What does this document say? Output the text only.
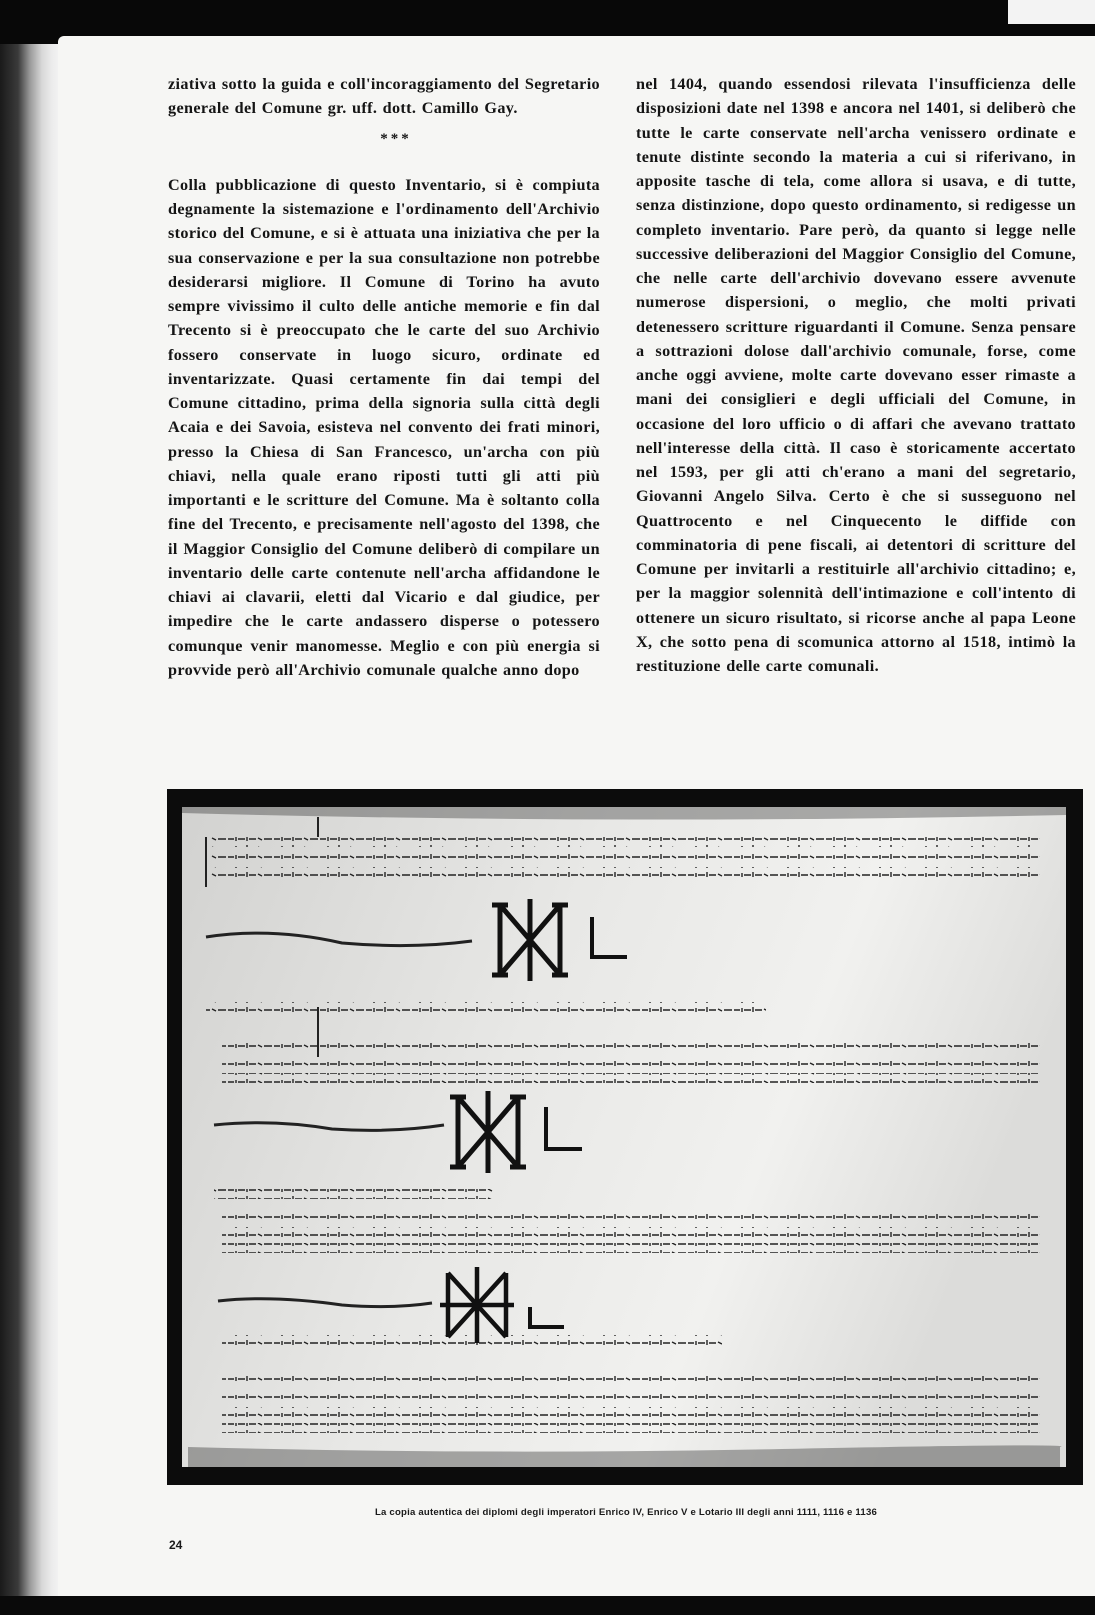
ziativa sotto la guida e coll'incoraggiamento del Segretario generale del Comune gr. uff. dott. Camillo Gay.

***

Colla pubblicazione di questo Inventario, si è compiuta degnamente la sistemazione e l'ordinamento dell'Archivio storico del Comune, e si è attuata una iniziativa che per la sua conservazione e per la sua consultazione non potrebbe desiderarsi migliore. Il Comune di Torino ha avuto sempre vivissimo il culto delle antiche memorie e fin dal Trecento si è preoccupato che le carte del suo Archivio fossero conservate in luogo sicuro, ordinate ed inventarizzate. Quasi certamente fin dai tempi del Comune cittadino, prima della signoria sulla città degli Acaia e dei Savoia, esisteva nel convento dei frati minori, presso la Chiesa di San Francesco, un'archa con più chiavi, nella quale erano riposti tutti gli atti più importanti e le scritture del Comune. Ma è soltanto colla fine del Trecento, e precisamente nell'agosto del 1398, che il Maggior Consiglio del Comune deliberò di compilare un inventario delle carte contenute nell'archa affidandone le chiavi ai clavarii, eletti dal Vicario e dal giudice, per impedire che le carte andassero disperse o potessero comunque venir manomesse. Meglio e con più energia si provvide però all'Archivio comunale qualche anno dopo

nel 1404, quando essendosi rilevata l'insufficienza delle disposizioni date nel 1398 e ancora nel 1401, si deliberò che tutte le carte conservate nell'archa venissero ordinate e tenute distinte secondo la materia a cui si riferivano, in apposite tasche di tela, come allora si usava, e di tutte, senza distinzione, dopo questo ordinamento, si redigesse un completo inventario. Pare però, da quanto si legge nelle successive deliberazioni del Maggior Consiglio del Comune, che nelle carte dell'archivio dovevano essere avvenute numerose dispersioni, o meglio, che molti privati detenessero scritture riguardanti il Comune. Senza pensare a sottrazioni dolose dall'archivio comunale, forse, come anche oggi avviene, molte carte dovevano esser rimaste a mani dei consiglieri e degli ufficiali del Comune, in occasione del loro ufficio o di affari che avevano trattato nell'interesse della città. Il caso è storicamente accertato nel 1593, per gli atti ch'erano a mani del segretario, Giovanni Angelo Silva. Certo è che si susseguono nel Quattrocento e nel Cinquecento le diffide con comminatoria di pene fiscali, ai detentori di scritture del Comune per invitarli a restituirle all'archivio cittadino; e, per la maggior solennità dell'intimazione e coll'intento di ottenere un sicuro risultato, si ricorse anche al papa Leone X, che sotto pena di scomunica attorno al 1518, intimò la restituzione delle carte comunali.

La copia autentica dei diplomi degli imperatori Enrico IV, Enrico V e Lotario III degli anni 1111, 1116 e 1136
24
